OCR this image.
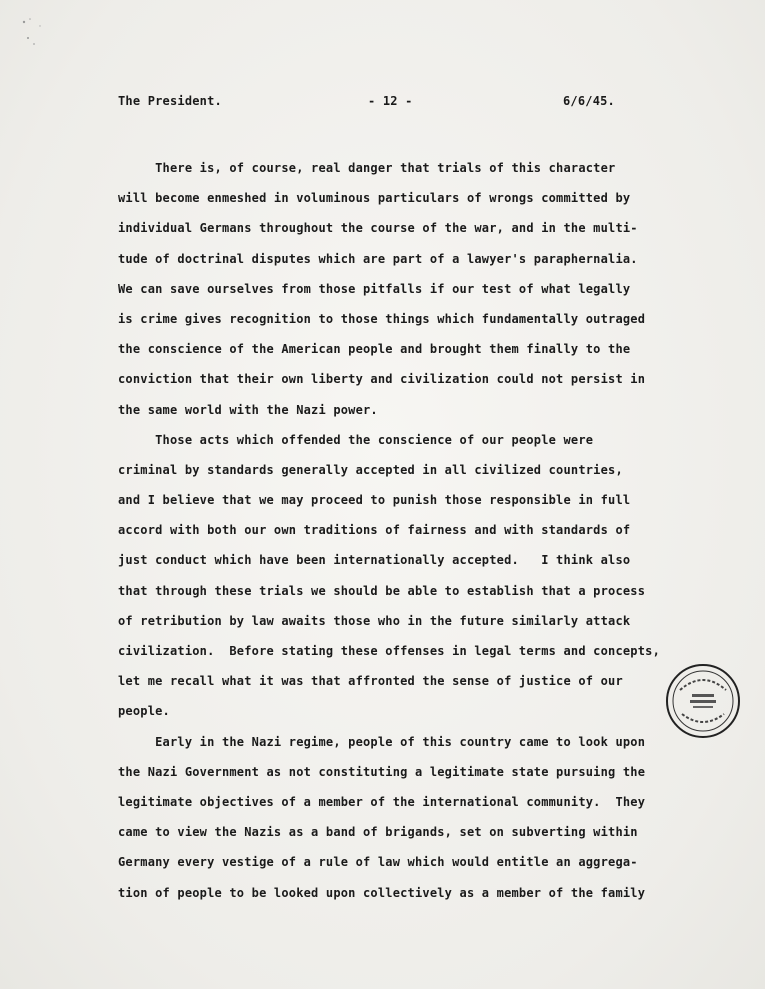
The President.	- 12 -	6/6/45.
There is, of course, real danger that trials of this character
will become enmeshed in voluminous particulars of wrongs committed by
individual Germans throughout the course of the war, and in the multi-
tude of doctrinal disputes which are part of a lawyer's paraphernalia.
We can save ourselves from those pitfalls if our test of what legally
is crime gives recognition to those things which fundamentally outraged
the conscience of the American people and brought them finally to the
conviction that their own liberty and civilization could not persist in
the same world with the Nazi power.
Those acts which offended the conscience of our people were
criminal by standards generally accepted in all civilized countries,
and I believe that we may proceed to punish those responsible in full
accord with both our own traditions of fairness and with standards of
just conduct which have been internationally accepted.   I think also
that through these trials we should be able to establish that a process
of retribution by law awaits those who in the future similarly attack
civilization.  Before stating these offenses in legal terms and concepts,
let me recall what it was that affronted the sense of justice of our
people.
Early in the Nazi regime, people of this country came to look upon
the Nazi Government as not constituting a legitimate state pursuing the
legitimate objectives of a member of the international community.  They
came to view the Nazis as a band of brigands, set on subverting within
Germany every vestige of a rule of law which would entitle an aggrega-
tion of people to be looked upon collectively as a member of the family
